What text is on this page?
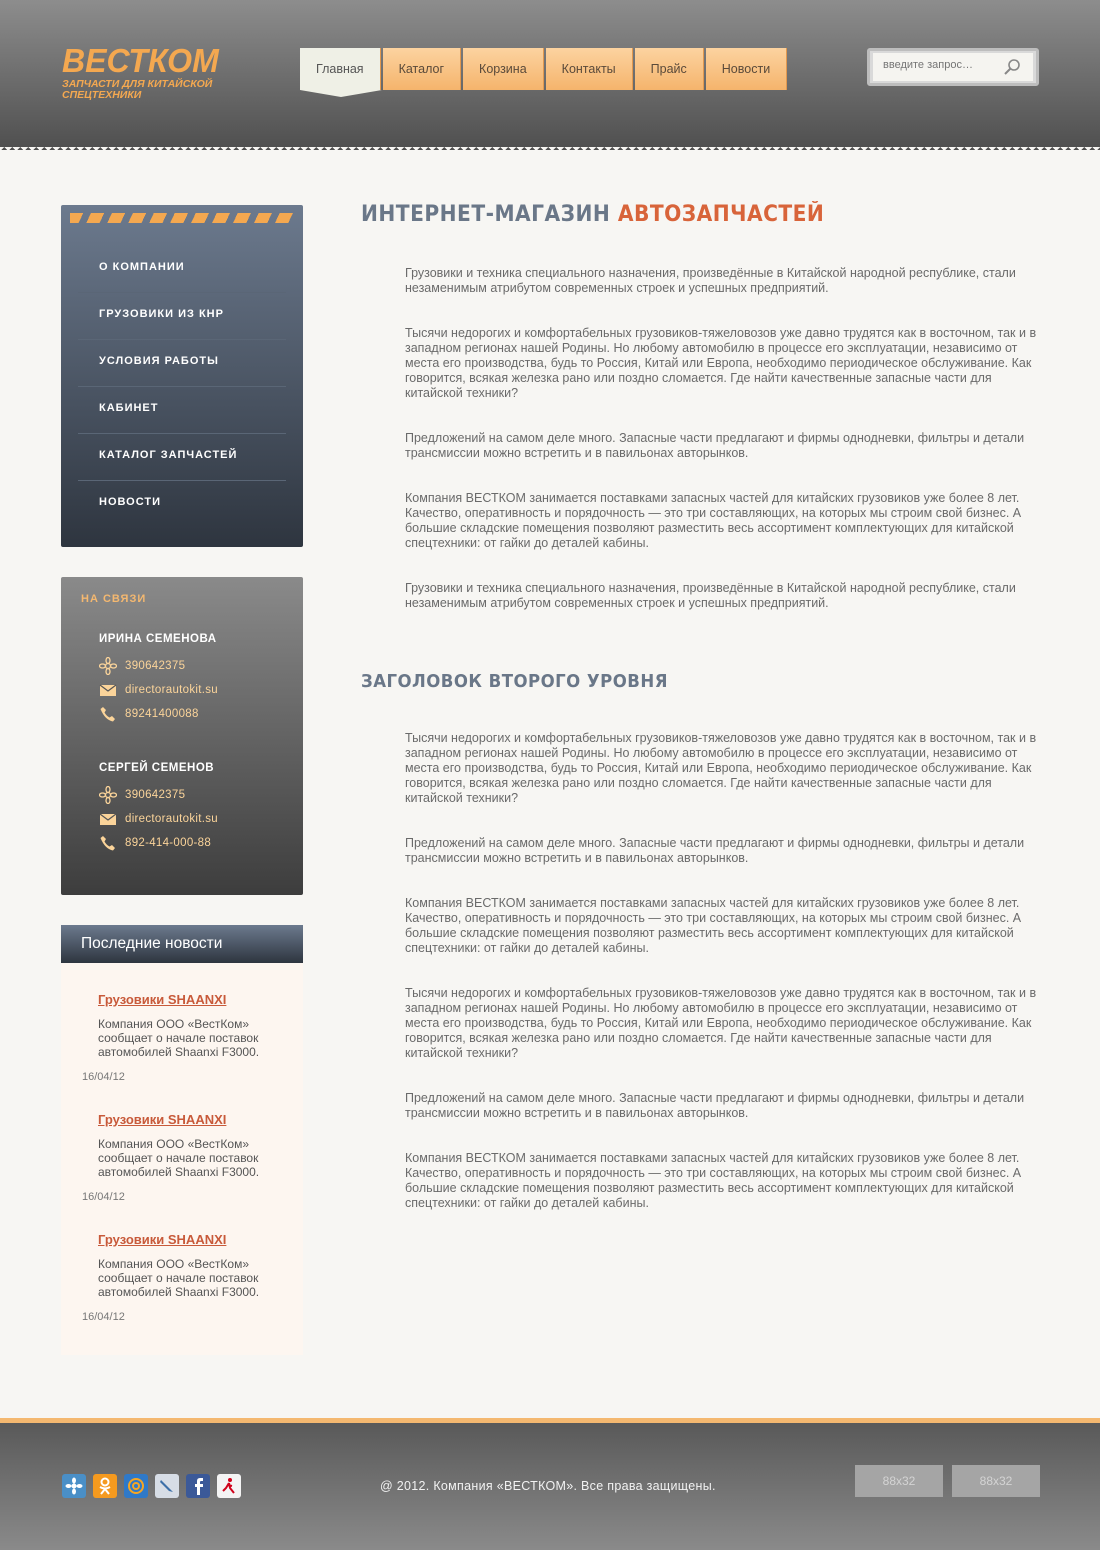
ВЕСТКОМ
ЗАПЧАСТИ ДЛЯ КИТАЙСКОЙ
СПЕЦТЕХНИКИ
Главная	Каталог	Корзина	Контакты	Прайс	Новости
введите запрос…
О КОМПАНИИ
ГРУЗОВИКИ ИЗ КНР
УСЛОВИЯ РАБОТЫ
КАБИНЕТ
КАТАЛОГ ЗАПЧАСТЕЙ
НОВОСТИ
НА СВЯЗИ
ИРИНА СЕМЕНОВА
390642375
directorautokit.su
89241400088
СЕРГЕЙ СЕМЕНОВ
390642375
directorautokit.su
892-414-000-88
Последние новости
Грузовики SHAANXI
Компания ООО «ВестКом» сообщает о начале поставок автомобилей Shaanxi F3000.
16/04/12
Грузовики SHAANXI
Компания ООО «ВестКом» сообщает о начале поставок автомобилей Shaanxi F3000.
16/04/12
Грузовики SHAANXI
Компания ООО «ВестКом» сообщает о начале поставок автомобилей Shaanxi F3000.
16/04/12
ИНТЕРНЕТ-МАГАЗИН АВТОЗАПЧАСТЕЙ

Грузовики и техника специального назначения, произведённые в Китайской народной республике, стали незаменимым атрибутом современных строек и успешных предприятий.

Тысячи недорогих и комфортабельных грузовиков-тяжеловозов уже давно трудятся как в восточном, так и в западном регионах нашей Родины. Но любому автомобилю в процессе его эксплуатации, независимо от места его производства, будь то Россия, Китай или Европа, необходимо периодическое обслуживание. Как говорится, всякая железка рано или поздно сломается. Где найти качественные запасные части для китайской техники?

Предложений на самом деле много. Запасные части предлагают и фирмы однодневки, фильтры и детали трансмиссии можно встретить и в павильонах авторынков.

Компания ВЕСТКОМ занимается поставками запасных частей для китайских грузовиков уже более 8 лет. Качество, оперативность и порядочность — это три составляющих, на которых мы строим свой бизнес. А большие складские помещения позволяют разместить весь ассортимент комплектующих для китайской спецтехники: от гайки до деталей кабины.

Грузовики и техника специального назначения, произведённые в Китайской народной республике, стали незаменимым атрибутом современных строек и успешных предприятий.

ЗАГОЛОВОК ВТОРОГО УРОВНЯ

Тысячи недорогих и комфортабельных грузовиков-тяжеловозов уже давно трудятся как в восточном, так и в западном регионах нашей Родины. Но любому автомобилю в процессе его эксплуатации, независимо от места его производства, будь то Россия, Китай или Европа, необходимо периодическое обслуживание. Как говорится, всякая железка рано или поздно сломается. Где найти качественные запасные части для китайской техники?

Предложений на самом деле много. Запасные части предлагают и фирмы однодневки, фильтры и детали трансмиссии можно встретить и в павильонах авторынков.

Компания ВЕСТКОМ занимается поставками запасных частей для китайских грузовиков уже более 8 лет. Качество, оперативность и порядочность — это три составляющих, на которых мы строим свой бизнес. А большие складские помещения позволяют разместить весь ассортимент комплектующих для китайской спецтехники: от гайки до деталей кабины.

Тысячи недорогих и комфортабельных грузовиков-тяжеловозов уже давно трудятся как в восточном, так и в западном регионах нашей Родины. Но любому автомобилю в процессе его эксплуатации, независимо от места его производства, будь то Россия, Китай или Европа, необходимо периодическое обслуживание. Как говорится, всякая железка рано или поздно сломается. Где найти качественные запасные части для китайской техники?

Предложений на самом деле много. Запасные части предлагают и фирмы однодневки, фильтры и детали трансмиссии можно встретить и в павильонах авторынков.

Компания ВЕСТКОМ занимается поставками запасных частей для китайских грузовиков уже более 8 лет. Качество, оперативность и порядочность — это три составляющих, на которых мы строим свой бизнес. А большие складские помещения позволяют разместить весь ассортимент комплектующих для китайской спецтехники: от гайки до деталей кабины.

@ 2012. Компания «ВЕСТКОМ». Все права защищены.	88x32	88x32
